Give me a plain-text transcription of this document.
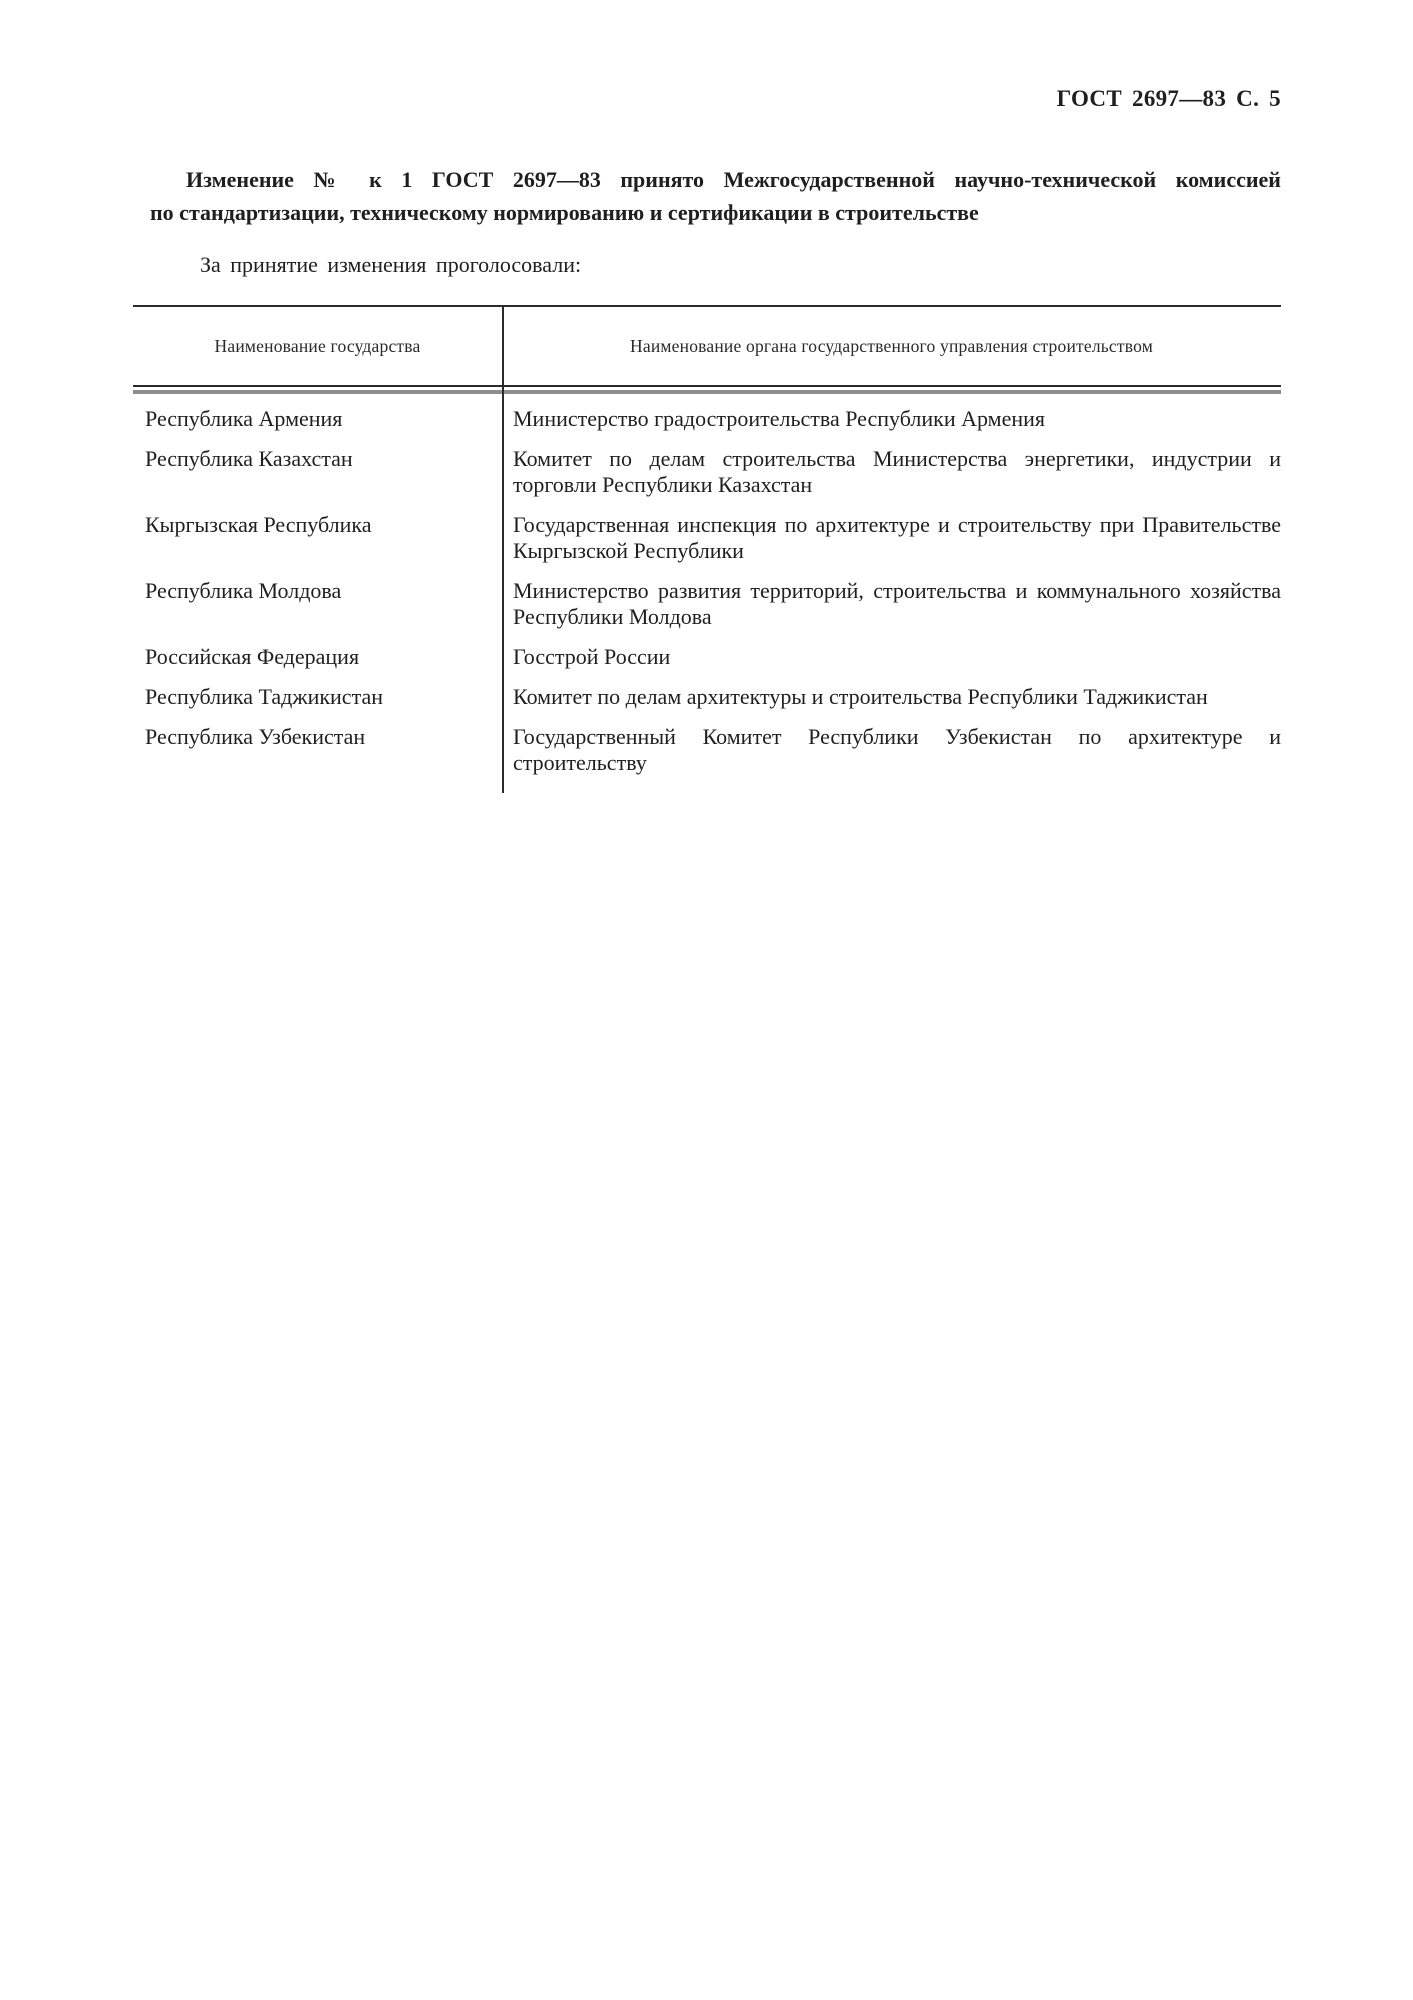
ГОСТ 2697—83 С. 5
Изменение № к 1 ГОСТ 2697—83 принято Межгосударственной научно-технической комиссией
по стандартизации, техническому нормированию и сертификации в строительстве
За принятие изменения проголосовали:
Наименование государства	Наименование органа государственного управления строительством
Республика Армения	Министерство градостроительства Республики Армения
Республика Казахстан	Комитет по делам строительства Министерства энергетики, индустрии и торговли Республики Казахстан
Кыргызская Республика	Государственная инспекция по архитектуре и строительству при Правительстве Кыргызской Республики
Республика Молдова	Министерство развития территорий, строительства и коммунального хозяйства Республики Молдова
Российская Федерация	Госстрой России
Республика Таджикистан	Комитет по делам архитектуры и строительства Республики Таджикистан
Республика Узбекистан	Государственный Комитет Республики Узбекистан по архитектуре и строительству
